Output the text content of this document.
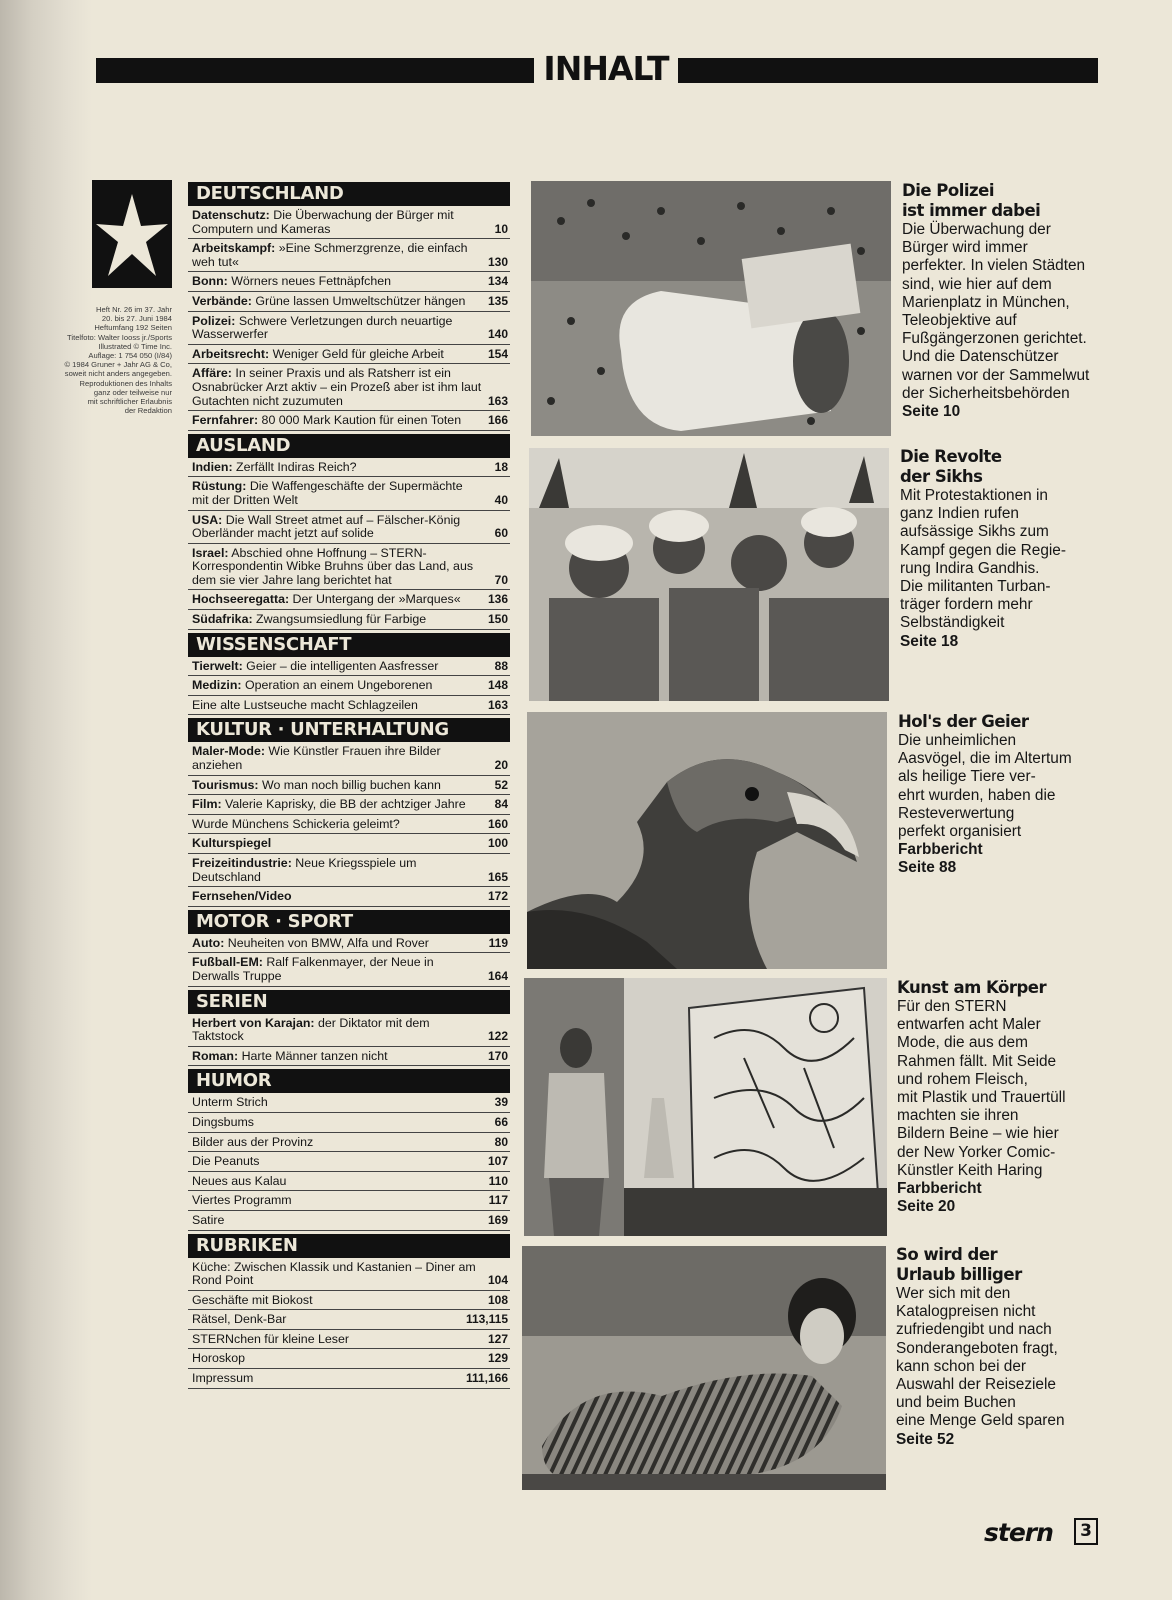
INHALT
Heft Nr. 26 im 37. Jahr
20. bis 27. Juni 1984
Heftumfang 192 Seiten
Titelfoto: Walter Iooss jr./Sports
Illustrated © Time Inc.
Auflage: 1 754 050 (I/84)
© 1984 Gruner + Jahr AG & Co,
soweit nicht anders angegeben.
Reproduktionen des Inhalts
ganz oder teilweise nur
mit schriftlicher Erlaubnis
der Redaktion
DEUTSCHLAND
Datenschutz: Die Überwachung der Bürger mit Computern und Kameras	10
Arbeitskampf: »Eine Schmerzgrenze, die einfach weh tut«	130
Bonn: Wörners neues Fettnäpfchen	134
Verbände: Grüne lassen Umweltschützer hängen 135
Polizei: Schwere Verletzungen durch neuartige Wasserwerfer	140
Arbeitsrecht: Weniger Geld für gleiche Arbeit	154
Affäre: In seiner Praxis und als Ratsherr ist ein Osnabrücker Arzt aktiv – ein Prozeß aber ist ihm laut Gutachten nicht zuzumuten	163
Fernfahrer: 80 000 Mark Kaution für einen Toten 166
AUSLAND
Indien: Zerfällt Indiras Reich?	18
Rüstung: Die Waffengeschäfte der Supermächte mit der Dritten Welt	40
USA: Die Wall Street atmet auf – Fälscher-König Oberländer macht jetzt auf solide	60
Israel: Abschied ohne Hoffnung – STERN-Korrespondentin Wibke Bruhns über das Land, aus dem sie vier Jahre lang berichtet hat	70
Hochseeregatta: Der Untergang der »Marques« 136
Südafrika: Zwangsumsiedlung für Farbige	150
WISSENSCHAFT
Tierwelt: Geier – die intelligenten Aasfresser	88
Medizin: Operation an einem Ungeborenen	148
Eine alte Lustseuche macht Schlagzeilen	163
KULTUR · UNTERHALTUNG
Maler-Mode: Wie Künstler Frauen ihre Bilder anziehen	20
Tourismus: Wo man noch billig buchen kann	52
Film: Valerie Kaprisky, die BB der achtziger Jahre 84
Wurde Münchens Schickeria geleimt?	160
Kulturspiegel	100
Freizeitindustrie: Neue Kriegsspiele um Deutschland	165
Fernsehen/Video	172
MOTOR · SPORT
Auto: Neuheiten von BMW, Alfa und Rover	119
Fußball-EM: Ralf Falkenmayer, der Neue in Derwalls Truppe	164
SERIEN
Herbert von Karajan: der Diktator mit dem Taktstock	122
Roman: Harte Männer tanzen nicht	170
HUMOR
Unterm Strich	39
Dingsbums	66
Bilder aus der Provinz	80
Die Peanuts	107
Neues aus Kalau	110
Viertes Programm	117
Satire	169
RUBRIKEN
Küche: Zwischen Klassik und Kastanien – Diner am Rond Point	104
Geschäfte mit Biokost	108
Rätsel, Denk-Bar	113,115
STERNchen für kleine Leser	127
Horoskop	129
Impressum	111,166
Die Polizei
ist immer dabei
Die Überwachung der
Bürger wird immer
perfekter. In vielen Städten
sind, wie hier auf dem
Marienplatz in München,
Teleobjektive auf
Fußgängerzonen gerichtet.
Und die Datenschützer
warnen vor der Sammelwut
der Sicherheitsbehörden
Seite 10
Die Revolte
der Sikhs
Mit Protestaktionen in
ganz Indien rufen
aufsässige Sikhs zum
Kampf gegen die Regie-
rung Indira Gandhis.
Die militanten Turban-
träger fordern mehr
Selbständigkeit
Seite 18
Hol's der Geier
Die unheimlichen
Aasvögel, die im Altertum
als heilige Tiere ver-
ehrt wurden, haben die
Resteverwertung
perfekt organisiert
Farbbericht
Seite 88
Kunst am Körper
Für den STERN
entwarfen acht Maler
Mode, die aus dem
Rahmen fällt. Mit Seide
und rohem Fleisch,
mit Plastik und Trauertüll
machten sie ihren
Bildern Beine – wie hier
der New Yorker Comic-
Künstler Keith Haring
Farbbericht
Seite 20
So wird der
Urlaub billiger
Wer sich mit den
Katalogpreisen nicht
zufriedengibt und nach
Sonderangeboten fragt,
kann schon bei der
Auswahl der Reiseziele
und beim Buchen
eine Menge Geld sparen
Seite 52
stern	3
